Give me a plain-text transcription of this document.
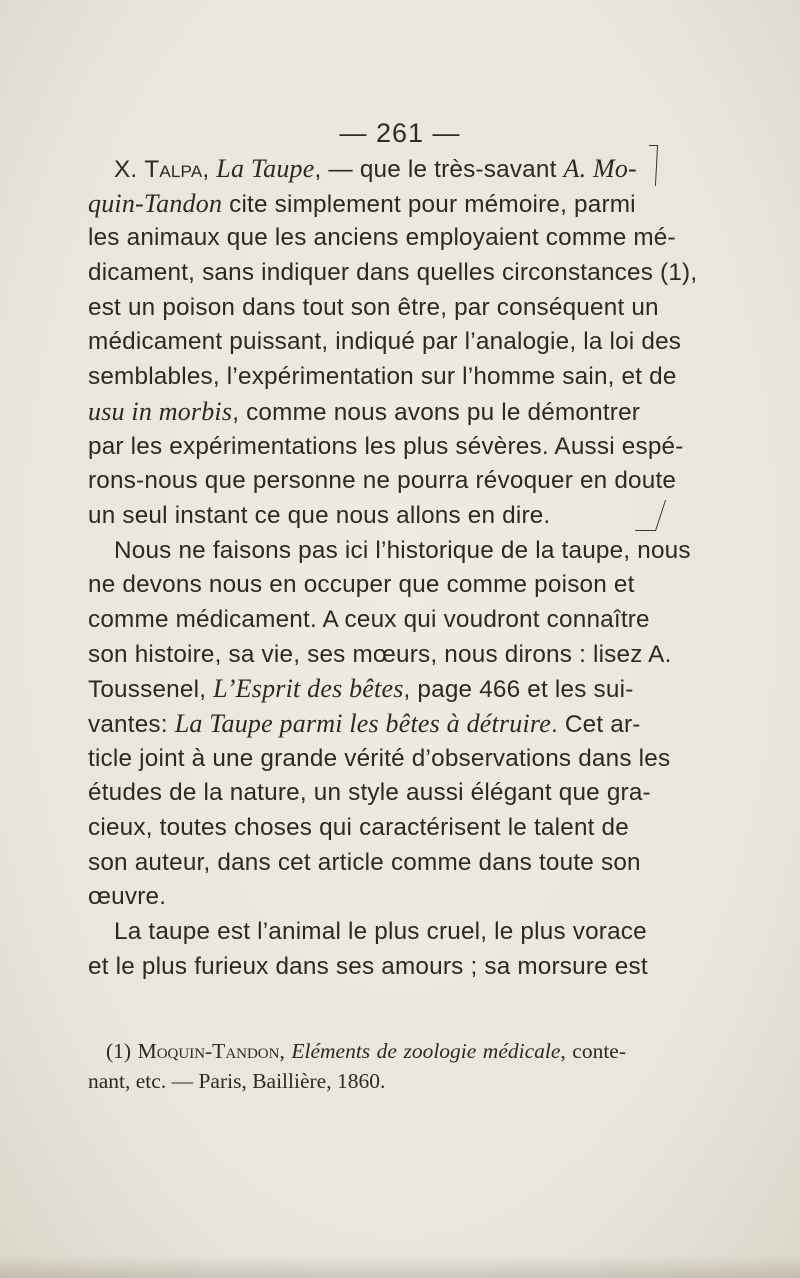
— 261 —
X. Talpa, La Taupe, — que le très-savant A. Mo-
quin-Tandon cite simplement pour mémoire, parmi
les animaux que les anciens employaient comme mé-
dicament, sans indiquer dans quelles circonstances (1),
est un poison dans tout son être, par conséquent un
médicament puissant, indiqué par l’analogie, la loi des
semblables, l’expérimentation sur l’homme sain, et de
usu in morbis, comme nous avons pu le démontrer
par les expérimentations les plus sévères. Aussi espé-
rons-nous que personne ne pourra révoquer en doute
un seul instant ce que nous allons en dire.
Nous ne faisons pas ici l’historique de la taupe, nous
ne devons nous en occuper que comme poison et
comme médicament. A ceux qui voudront connaître
son histoire, sa vie, ses mœurs, nous dirons : lisez A.
Toussenel, L’Esprit des bêtes, page 466 et les sui-
vantes: La Taupe parmi les bêtes à détruire. Cet ar-
ticle joint à une grande vérité d’observations dans les
études de la nature, un style aussi élégant que gra-
cieux, toutes choses qui caractérisent le talent de
son auteur, dans cet article comme dans toute son
œuvre.
La taupe est l’animal le plus cruel, le plus vorace
et le plus furieux dans ses amours ; sa morsure est
(1) Moquin-Tandon, Eléments de zoologie médicale, conte-
nant, etc. — Paris, Baillière, 1860.
